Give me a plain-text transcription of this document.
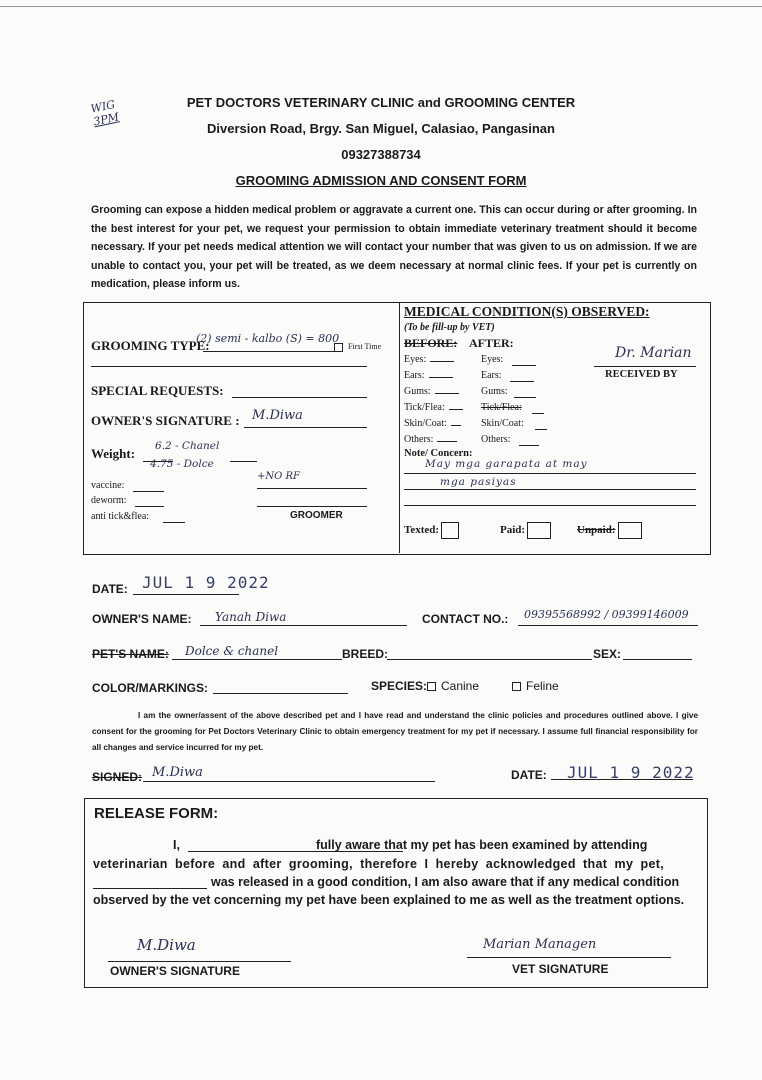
WIG
3PM
PET DOCTORS VETERINARY CLINIC and GROOMING CENTER
Diversion Road, Brgy. San Miguel, Calasiao, Pangasinan
09327388734
GROOMING ADMISSION AND CONSENT FORM
Grooming can expose a hidden medical problem or aggravate a current one. This can occur during or after grooming. In the best interest for your pet, we request your permission to obtain immediate veterinary treatment should it become necessary. If your pet needs medical attention we will contact your number that was given to us on admission. If we are unable to contact you, your pet will be treated, as we deem necessary at normal clinic fees. If your pet is currently on medication, please inform us.
GROOMING TYPE:
(2) semi - kalbo (S) = 800
First Time
SPECIAL REQUESTS:
OWNER'S SIGNATURE : M.Diwa
Weight: 6.2 - Chanel
4.75 - Dolce
+NO RF
vaccine:
deworm:
anti tick&flea:	GROOMER
MEDICAL CONDITION(S) OBSERVED:
(To be fill-up by VET)
BEFORE: AFTER:
Eyes:	Eyes:
Ears:	Ears:
Gums:	Gums:
Tick/Flea:	Tick/Flea:
Skin/Coat:	Skin/Coat:
Others:	Others:
Dr. Marian
RECEIVED BY
Note/ Concern:
May mga garapata at may
mga pasiyas
Texted:	Paid:	Unpaid:
DATE: JUL 1 9 2022
OWNER'S NAME: Yanah Diwa	CONTACT NO.: 09395568992 / 09399146009
PET'S NAME: Dolce & chanel	BREED:	SEX:
COLOR/MARKINGS:	SPECIES:	Canine	Feline
I am the owner/assent of the above described pet and I have read and understand the clinic policies and procedures outlined above. I give consent for the grooming for Pet Doctors Veterinary Clinic to obtain emergency treatment for my pet if necessary. I assume full financial responsibility for all changes and service incurred for my pet.
SIGNED: M.Diwa	DATE: JUL 1 9 2022
RELEASE FORM:
I,	fully aware that my pet has been examined by attending
veterinarian before and after grooming, therefore I hereby acknowledged that my pet,
was released in a good condition, I am also aware that if any medical condition
observed by the vet concerning my pet have been explained to me as well as the treatment options.
M.Diwa
OWNER'S SIGNATURE
Marian Managen
VET SIGNATURE
